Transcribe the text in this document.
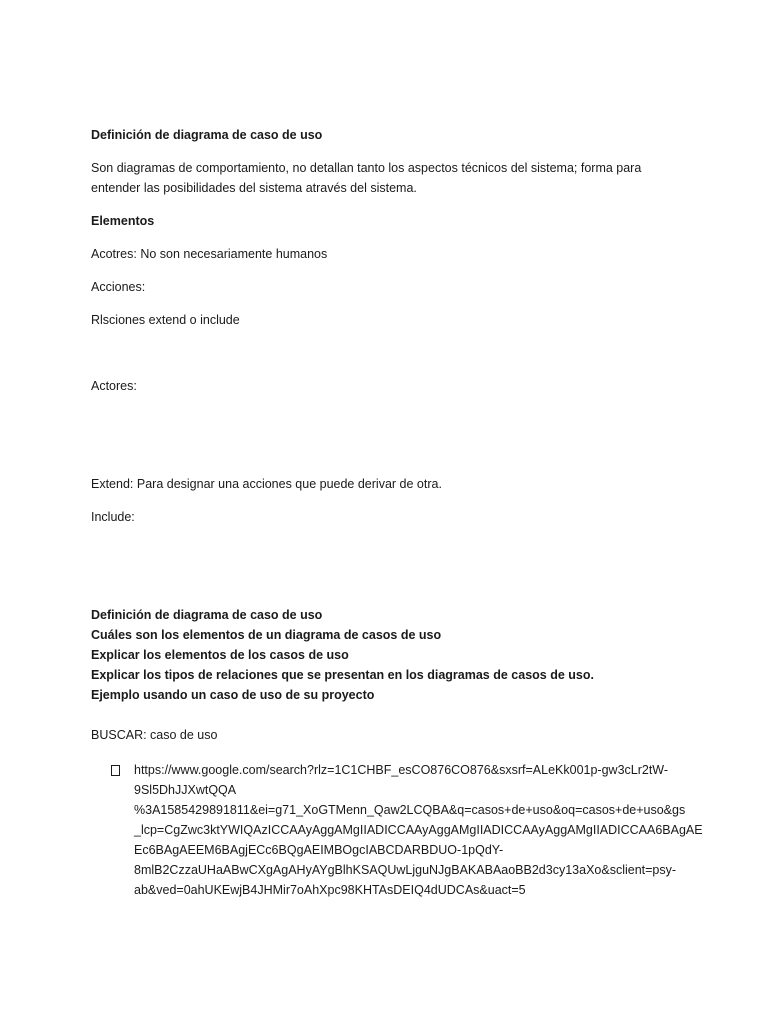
Definición de diagrama de caso de uso
Son diagramas de comportamiento, no detallan tanto los aspectos técnicos del sistema; forma para
entender las posibilidades del sistema através del sistema.
Elementos
Acotres: No son necesariamente humanos
Acciones:
Rlsciones extend o include
Actores:
Extend: Para designar una acciones que puede derivar de otra.
Include:
Definición de diagrama de caso de uso
Cuáles son los elementos de un diagrama de casos de uso
Explicar los elementos de los casos de uso
Explicar los tipos de relaciones que se presentan en los diagramas de casos de uso.
Ejemplo usando un caso de uso de su proyecto
BUSCAR: caso de uso
https://www.google.com/search?rlz=1C1CHBF_esCO876CO876&sxsrf=ALeKk001p-gw3cLr2tW-
9Sl5DhJJXwtQQA
%3A1585429891811&ei=g71_XoGTMenn_Qaw2LCQBA&q=casos+de+uso&oq=casos+de+uso&gs
_lcp=CgZwc3ktYWIQAzICCAAyAggAMgIIADICCAAyAggAMgIIADICCAAyAggAMgIIADICCAA6BAgAE
Ec6BAgAEEM6BAgjECc6BQgAEIMBOgcIABCDARBDUO-1pQdY-
8mlB2CzzaUHaABwCXgAgAHyAYgBlhKSAQUwLjguNJgBAKABAaoBB2d3cy13aXo&sclient=psy-
ab&ved=0ahUKEwjB4JHMir7oAhXpc98KHTAsDEIQ4dUDCAs&uact=5
